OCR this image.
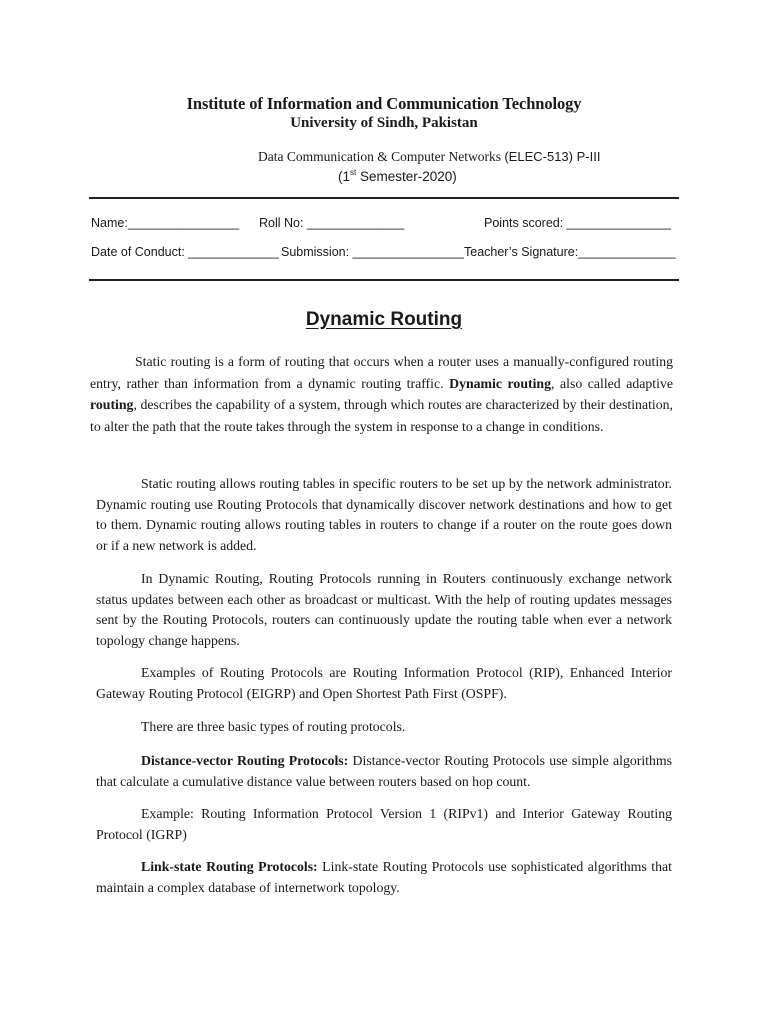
Institute of Information and Communication Technology
University of Sindh, Pakistan
Data Communication & Computer Networks (ELEC-513) P-III
(1st Semester-2020)
Name:________________ Roll No: ______________	Points scored: _______________
Date of Conduct: _____________ Submission: ________________ Teacher’s Signature:______________
Dynamic Routing

Static routing is a form of routing that occurs when a router uses a manually-configured routing entry, rather than information from a dynamic routing traffic. Dynamic routing, also called adaptive routing, describes the capability of a system, through which routes are characterized by their destination, to alter the path that the route takes through the system in response to a change in conditions.

Static routing allows routing tables in specific routers to be set up by the network administrator. Dynamic routing use Routing Protocols that dynamically discover network destinations and how to get to them. Dynamic routing allows routing tables in routers to change if a router on the route goes down or if a new network is added.

In Dynamic Routing, Routing Protocols running in Routers continuously exchange network status updates between each other as broadcast or multicast. With the help of routing updates messages sent by the Routing Protocols, routers can continuously update the routing table when ever a network topology change happens.

Examples of Routing Protocols are Routing Information Protocol (RIP), Enhanced Interior Gateway Routing Protocol (EIGRP) and Open Shortest Path First (OSPF).

There are three basic types of routing protocols.

Distance-vector Routing Protocols: Distance-vector Routing Protocols use simple algorithms that calculate a cumulative distance value between routers based on hop count.

Example: Routing Information Protocol Version 1 (RIPv1) and Interior Gateway Routing Protocol (IGRP)

Link-state Routing Protocols: Link-state Routing Protocols use sophisticated algorithms that maintain a complex database of internetwork topology.
